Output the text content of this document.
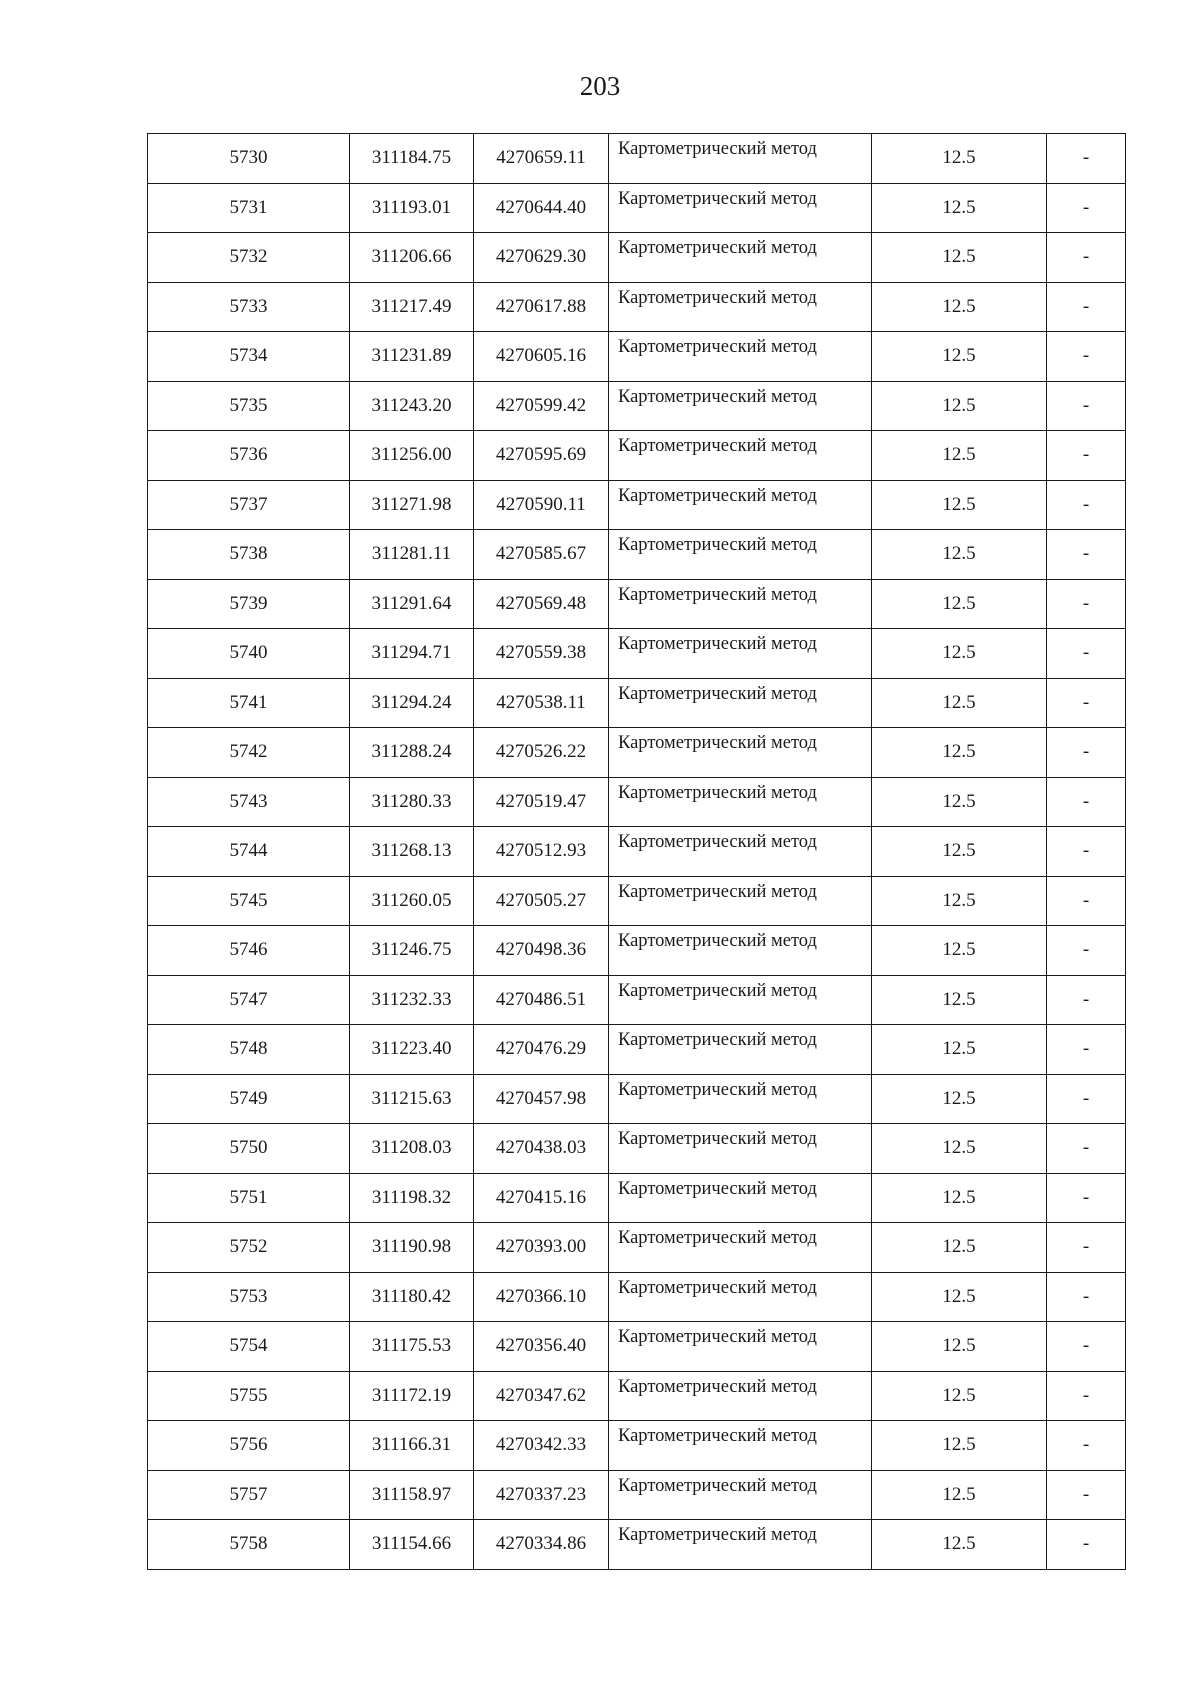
203
5730	311184.75	4270659.11	Картометрический метод	12.5	-
5731	311193.01	4270644.40	Картометрический метод	12.5	-
5732	311206.66	4270629.30	Картометрический метод	12.5	-
5733	311217.49	4270617.88	Картометрический метод	12.5	-
5734	311231.89	4270605.16	Картометрический метод	12.5	-
5735	311243.20	4270599.42	Картометрический метод	12.5	-
5736	311256.00	4270595.69	Картометрический метод	12.5	-
5737	311271.98	4270590.11	Картометрический метод	12.5	-
5738	311281.11	4270585.67	Картометрический метод	12.5	-
5739	311291.64	4270569.48	Картометрический метод	12.5	-
5740	311294.71	4270559.38	Картометрический метод	12.5	-
5741	311294.24	4270538.11	Картометрический метод	12.5	-
5742	311288.24	4270526.22	Картометрический метод	12.5	-
5743	311280.33	4270519.47	Картометрический метод	12.5	-
5744	311268.13	4270512.93	Картометрический метод	12.5	-
5745	311260.05	4270505.27	Картометрический метод	12.5	-
5746	311246.75	4270498.36	Картометрический метод	12.5	-
5747	311232.33	4270486.51	Картометрический метод	12.5	-
5748	311223.40	4270476.29	Картометрический метод	12.5	-
5749	311215.63	4270457.98	Картометрический метод	12.5	-
5750	311208.03	4270438.03	Картометрический метод	12.5	-
5751	311198.32	4270415.16	Картометрический метод	12.5	-
5752	311190.98	4270393.00	Картометрический метод	12.5	-
5753	311180.42	4270366.10	Картометрический метод	12.5	-
5754	311175.53	4270356.40	Картометрический метод	12.5	-
5755	311172.19	4270347.62	Картометрический метод	12.5	-
5756	311166.31	4270342.33	Картометрический метод	12.5	-
5757	311158.97	4270337.23	Картометрический метод	12.5	-
5758	311154.66	4270334.86	Картометрический метод	12.5	-
